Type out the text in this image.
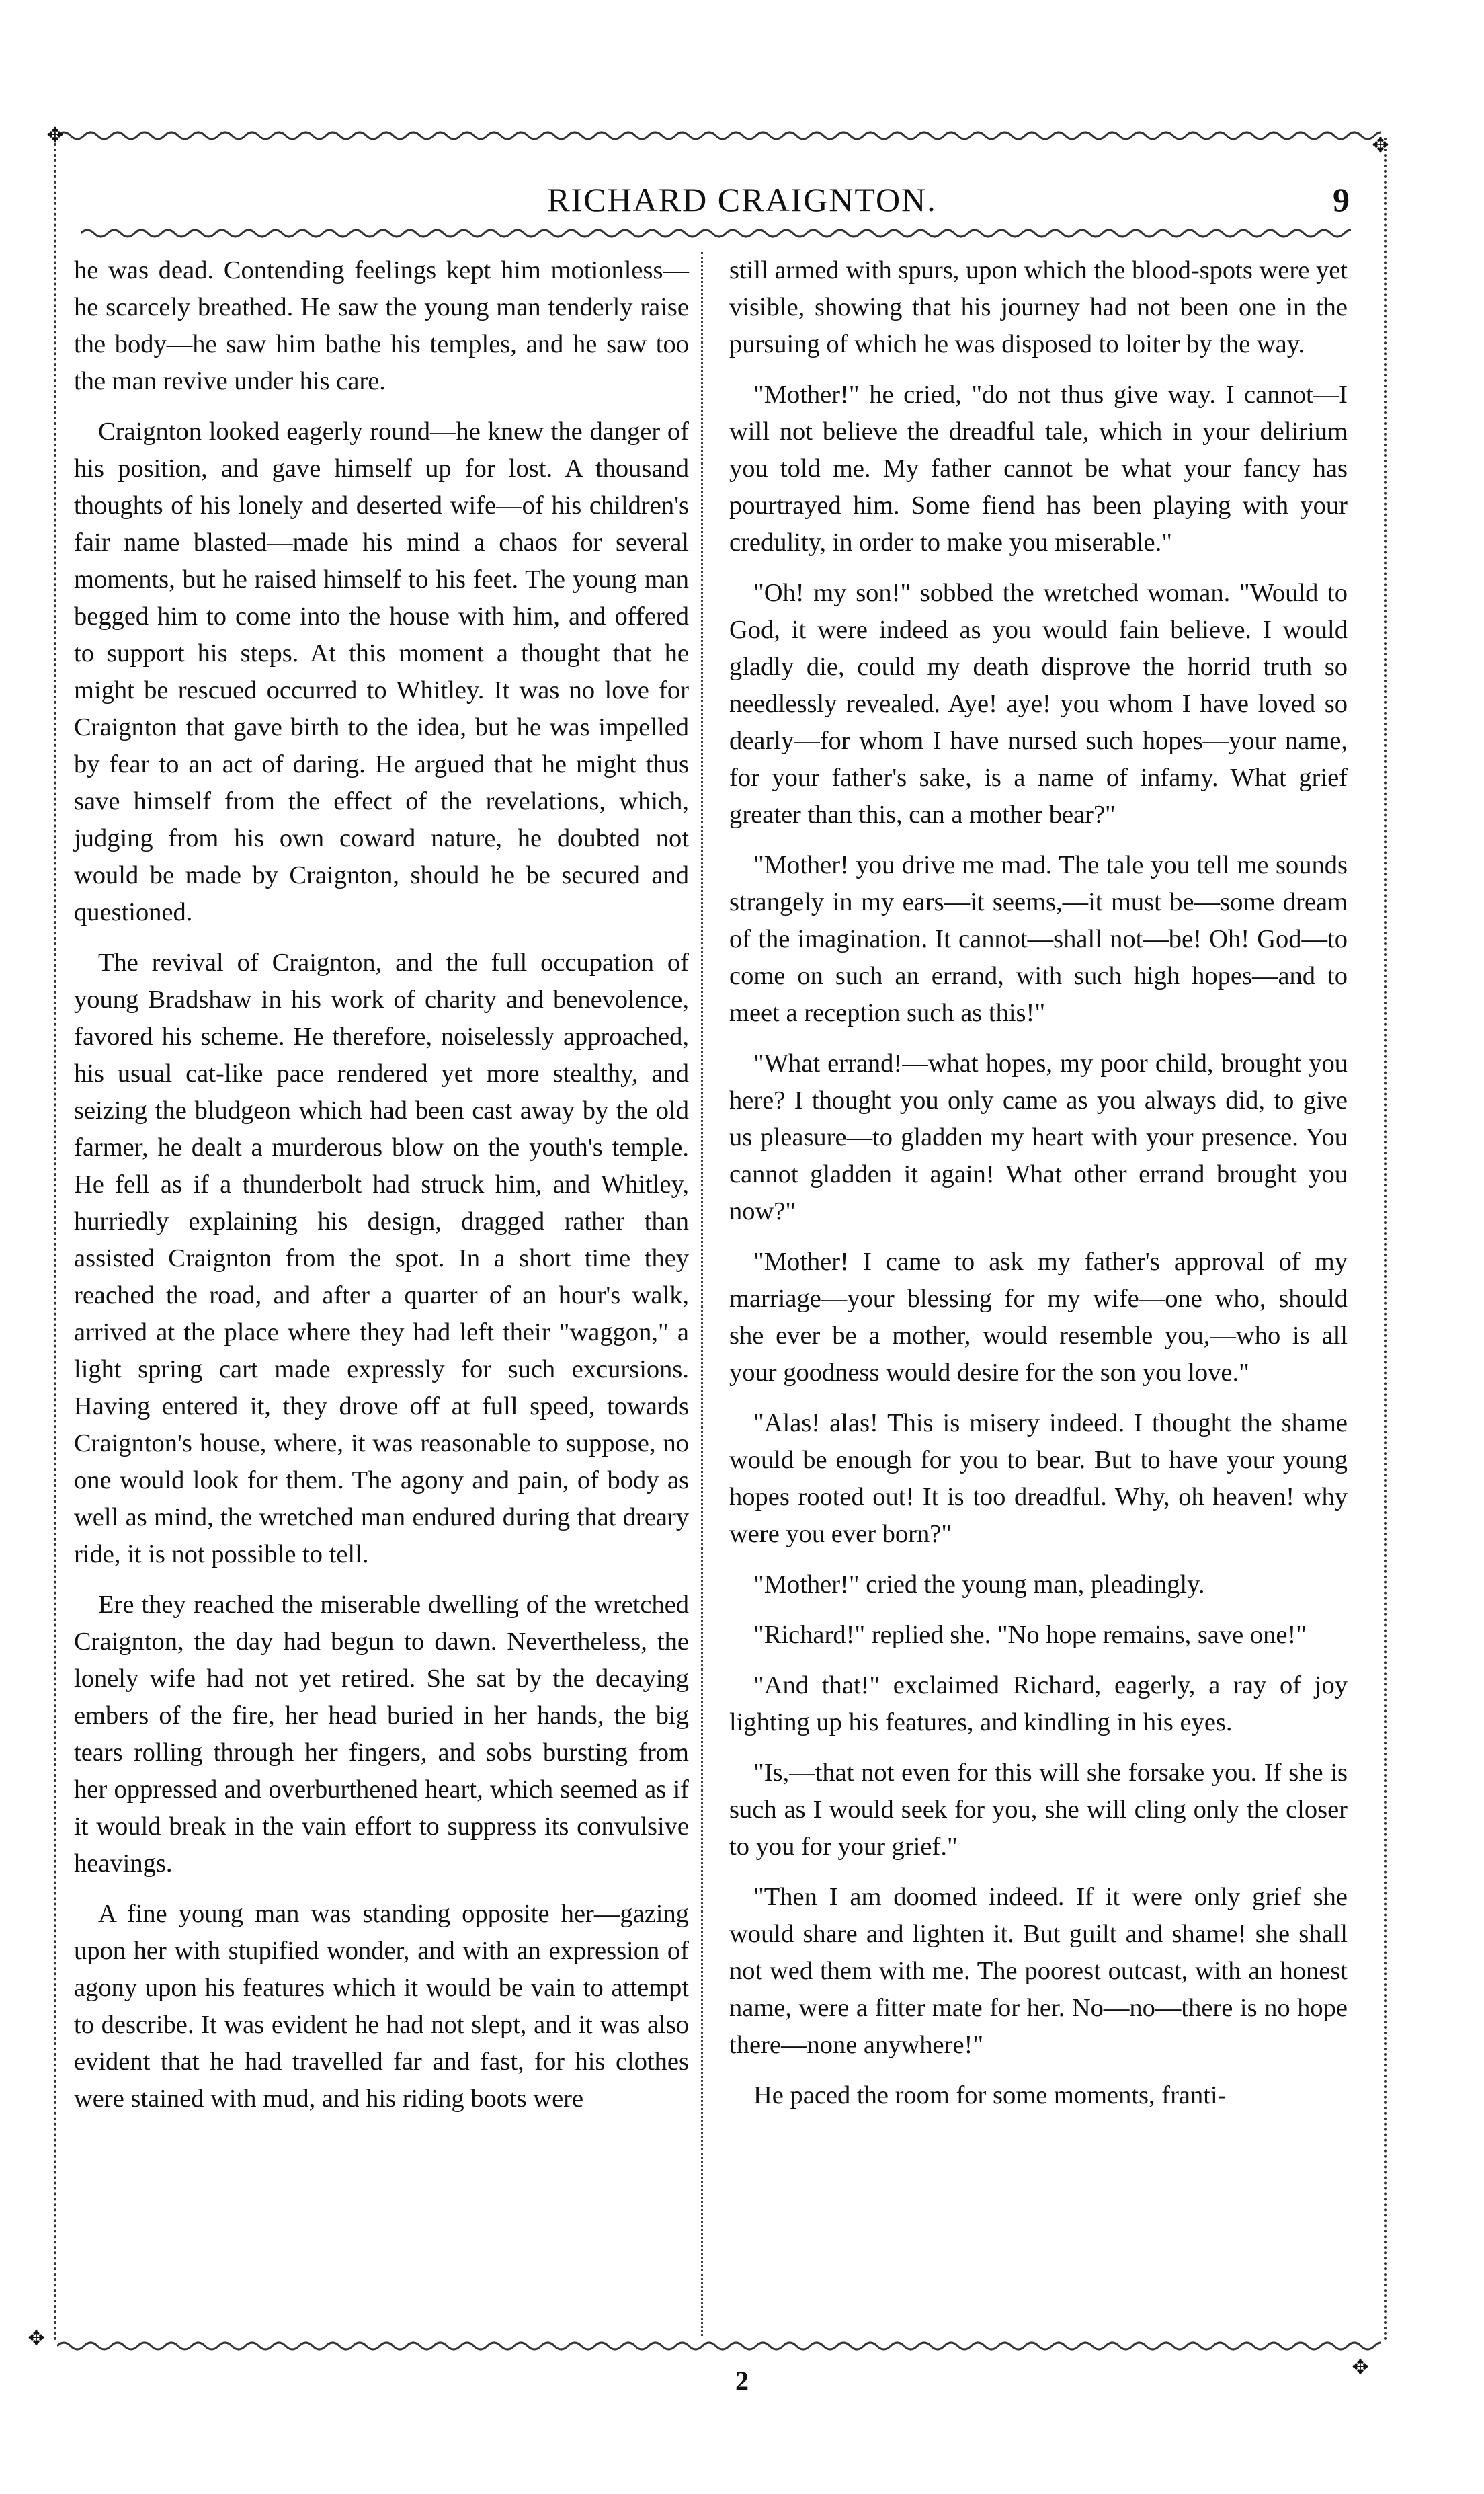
✥	✥
✥
✥
RICHARD CRAIGNTON.	9

he was dead. Contending feelings kept him motionless—he scarcely breathed. He saw the young man tenderly raise the body—he saw him bathe his temples, and he saw too the man revive under his care.

Craignton looked eagerly round—he knew the danger of his position, and gave himself up for lost. A thousand thoughts of his lonely and deserted wife—of his children's fair name blasted—made his mind a chaos for several moments, but he raised himself to his feet. The young man begged him to come into the house with him, and offered to support his steps. At this moment a thought that he might be rescued occurred to Whitley. It was no love for Craignton that gave birth to the idea, but he was impelled by fear to an act of daring. He argued that he might thus save himself from the effect of the revelations, which, judging from his own coward nature, he doubted not would be made by Craignton, should he be secured and questioned.

The revival of Craignton, and the full occupation of young Bradshaw in his work of charity and benevolence, favored his scheme. He therefore, noiselessly approached, his usual cat-like pace rendered yet more stealthy, and seizing the bludgeon which had been cast away by the old farmer, he dealt a murderous blow on the youth's temple. He fell as if a thunderbolt had struck him, and Whitley, hurriedly explaining his design, dragged rather than assisted Craignton from the spot. In a short time they reached the road, and after a quarter of an hour's walk, arrived at the place where they had left their "waggon," a light spring cart made expressly for such excursions. Having entered it, they drove off at full speed, towards Craignton's house, where, it was reasonable to suppose, no one would look for them. The agony and pain, of body as well as mind, the wretched man endured during that dreary ride, it is not possible to tell.

Ere they reached the miserable dwelling of the wretched Craignton, the day had begun to dawn. Nevertheless, the lonely wife had not yet retired. She sat by the decaying embers of the fire, her head buried in her hands, the big tears rolling through her fingers, and sobs bursting from her oppressed and overburthened heart, which seemed as if it would break in the vain effort to suppress its convulsive heavings.

A fine young man was standing opposite her—gazing upon her with stupified wonder, and with an expression of agony upon his features which it would be vain to attempt to describe. It was evident he had not slept, and it was also evident that he had travelled far and fast, for his clothes were stained with mud, and his riding boots were

still armed with spurs, upon which the blood-spots were yet visible, showing that his journey had not been one in the pursuing of which he was disposed to loiter by the way.

"Mother!" he cried, "do not thus give way. I cannot—I will not believe the dreadful tale, which in your delirium you told me. My father cannot be what your fancy has pourtrayed him. Some fiend has been playing with your credulity, in order to make you miserable."

"Oh! my son!" sobbed the wretched woman. "Would to God, it were indeed as you would fain believe. I would gladly die, could my death disprove the horrid truth so needlessly revealed. Aye! aye! you whom I have loved so dearly—for whom I have nursed such hopes—your name, for your father's sake, is a name of infamy. What grief greater than this, can a mother bear?"

"Mother! you drive me mad. The tale you tell me sounds strangely in my ears—it seems,—it must be—some dream of the imagination. It cannot—shall not—be! Oh! God—to come on such an errand, with such high hopes—and to meet a reception such as this!"

"What errand!—what hopes, my poor child, brought you here? I thought you only came as you always did, to give us pleasure—to gladden my heart with your presence. You cannot gladden it again! What other errand brought you now?"

"Mother! I came to ask my father's approval of my marriage—your blessing for my wife—one who, should she ever be a mother, would resemble you,—who is all your goodness would desire for the son you love."

"Alas! alas! This is misery indeed. I thought the shame would be enough for you to bear. But to have your young hopes rooted out! It is too dreadful. Why, oh heaven! why were you ever born?"

"Mother!" cried the young man, pleadingly.

"Richard!" replied she. "No hope remains, save one!"

"And that!" exclaimed Richard, eagerly, a ray of joy lighting up his features, and kindling in his eyes.

"Is,—that not even for this will she forsake you. If she is such as I would seek for you, she will cling only the closer to you for your grief."

"Then I am doomed indeed. If it were only grief she would share and lighten it. But guilt and shame! she shall not wed them with me. The poorest outcast, with an honest name, were a fitter mate for her. No—no—there is no hope there—none anywhere!"

He paced the room for some moments, franti-

2
